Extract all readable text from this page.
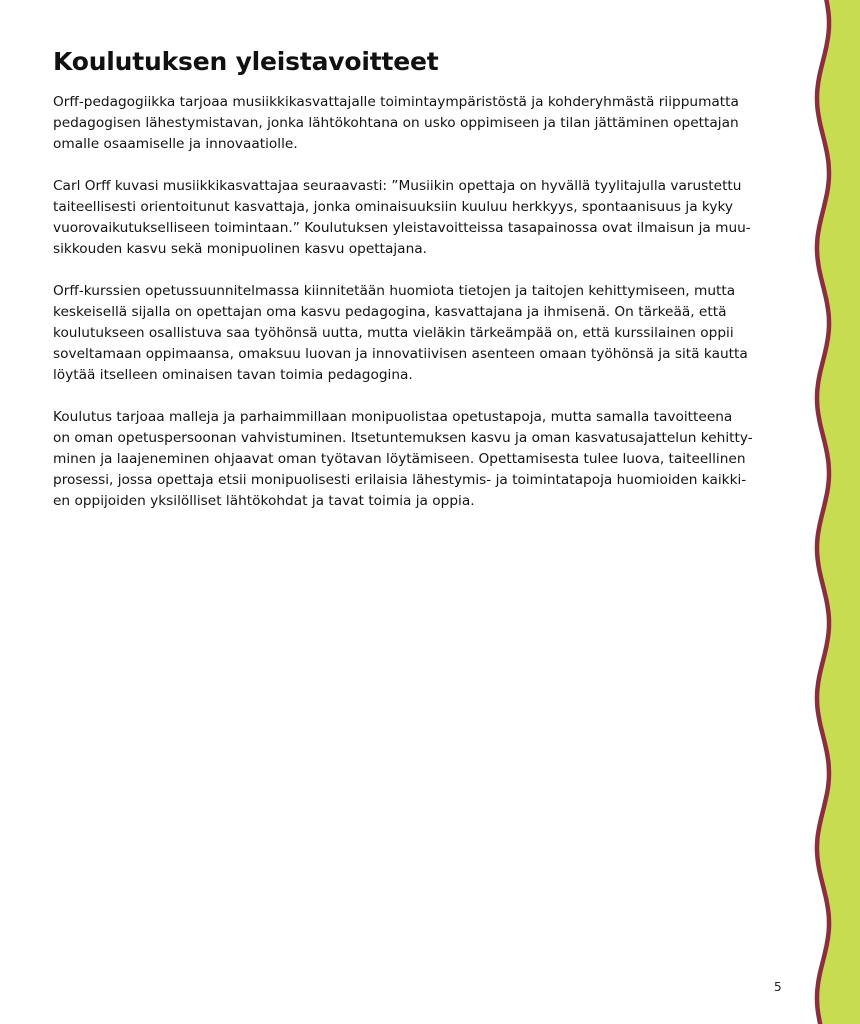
Koulutuksen yleistavoitteet

Orff-pedagogiikka tarjoaa musiikkikasvattajalle toimintaympäristöstä ja kohderyhmästä riippumatta
pedagogisen lähestymistavan, jonka lähtökohtana on usko oppimiseen ja tilan jättäminen opettajan
omalle osaamiselle ja innovaatiolle.

Carl Orff kuvasi musiikkikasvattajaa seuraavasti: ”Musiikin opettaja on hyvällä tyylitajulla varustettu
taiteellisesti orientoitunut kasvattaja, jonka ominaisuuksiin kuuluu herkkyys, spontaanisuus ja kyky
vuorovaikutukselliseen toimintaan.” Koulutuksen yleistavoitteissa tasapainossa ovat ilmaisun ja muu-
sikkouden kasvu sekä monipuolinen kasvu opettajana.

Orff-kurssien opetussuunnitelmassa kiinnitetään huomiota tietojen ja taitojen kehittymiseen, mutta
keskeisellä sijalla on opettajan oma kasvu pedagogina, kasvattajana ja ihmisenä. On tärkeää, että
koulutukseen osallistuva saa työhönsä uutta, mutta vieläkin tärkeämpää on, että kurssilainen oppii
soveltamaan oppimaansa, omaksuu luovan ja innovatiivisen asenteen omaan työhönsä ja sitä kautta
löytää itselleen ominaisen tavan toimia pedagogina.

Koulutus tarjoaa malleja ja parhaimmillaan monipuolistaa opetustapoja, mutta samalla tavoitteena
on oman opetuspersoonan vahvistuminen. Itsetuntemuksen kasvu ja oman kasvatusajattelun kehitty-
minen ja laajeneminen ohjaavat oman työtavan löytämiseen. Opettamisesta tulee luova, taiteellinen
prosessi, jossa opettaja etsii monipuolisesti erilaisia lähestymis- ja toimintatapoja huomioiden kaikki-
en oppijoiden yksilölliset lähtökohdat ja tavat toimia ja oppia.

5
